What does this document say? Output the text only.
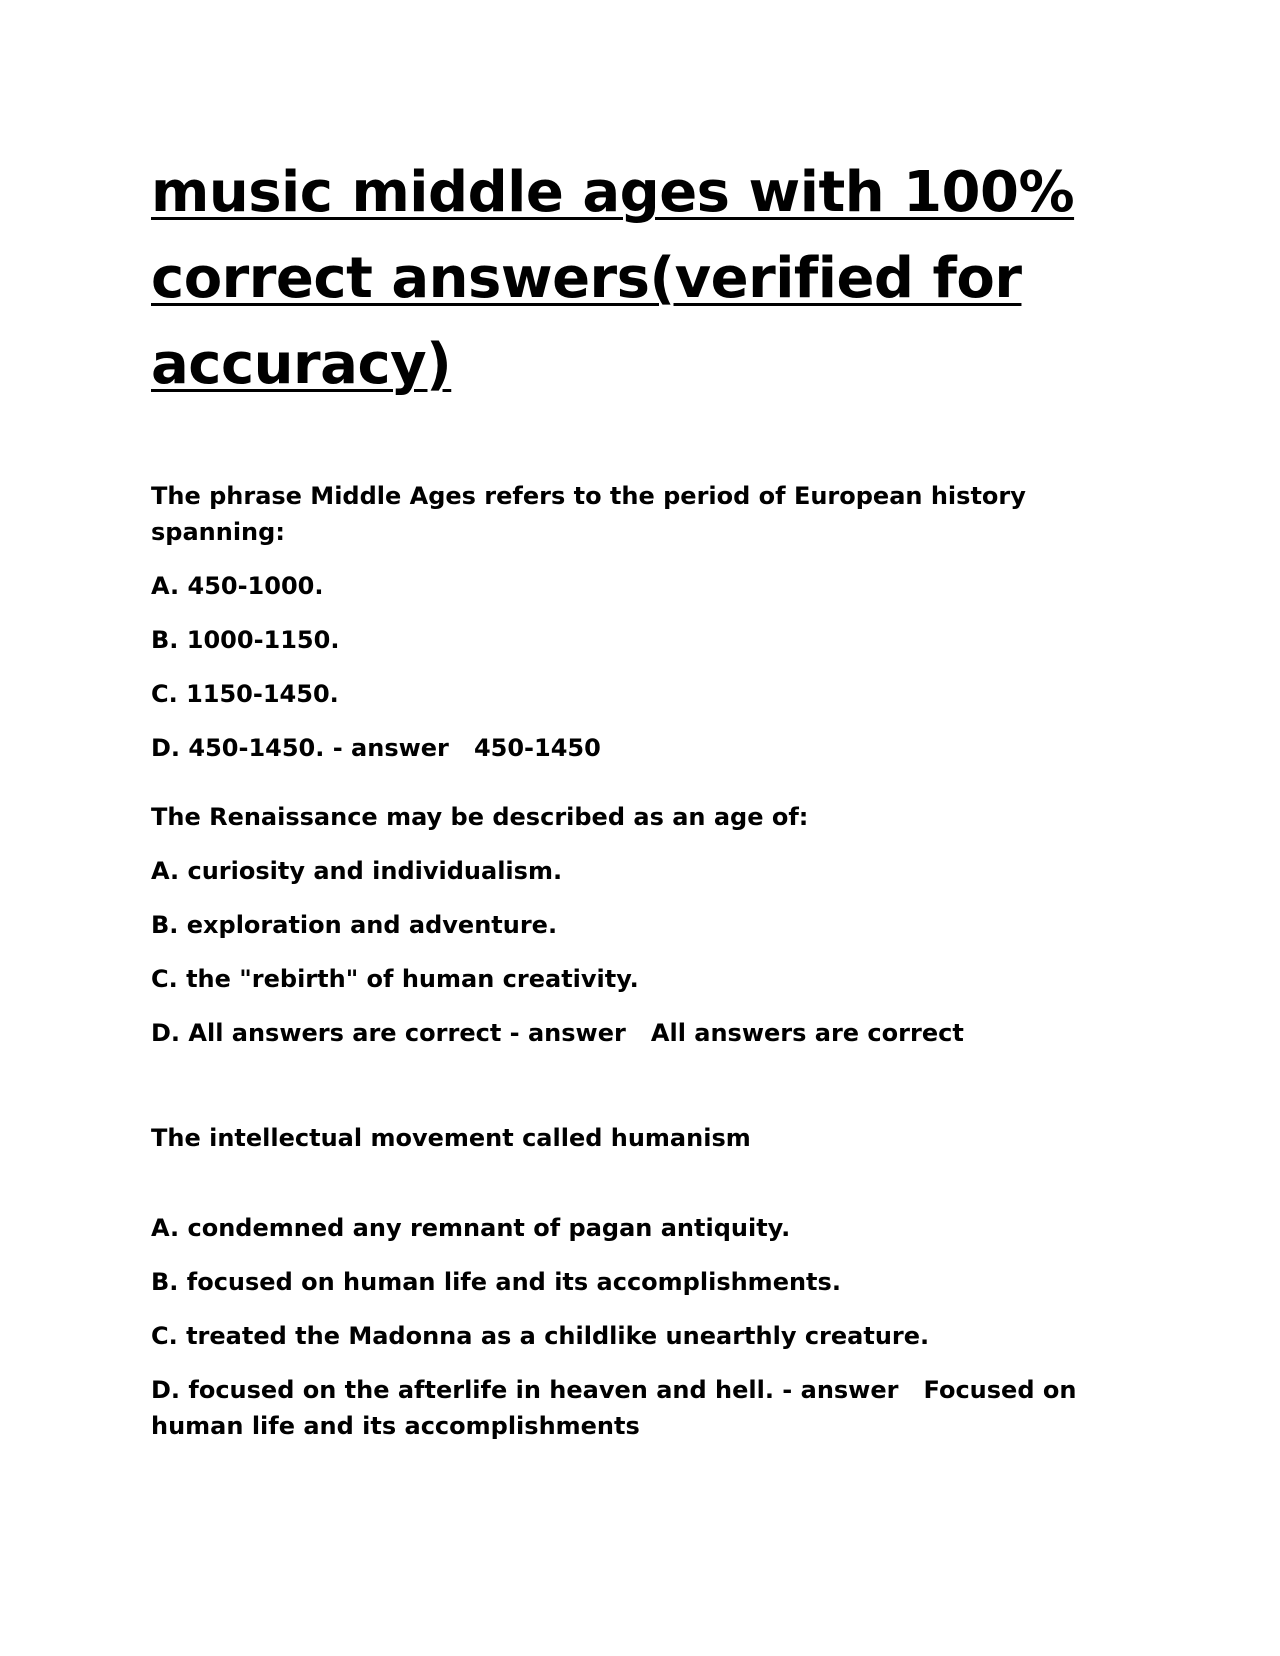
music middle ages with 100% correct answers(verified for accuracy)

The phrase Middle Ages refers to the period of European history spanning:

A. 450-1000.

B. 1000-1150.

C. 1150-1450.

D. 450-1450. - answer   450-1450

The Renaissance may be described as an age of:

A. curiosity and individualism.

B. exploration and adventure.

C. the "rebirth" of human creativity.

D. All answers are correct - answer   All answers are correct

The intellectual movement called humanism

A. condemned any remnant of pagan antiquity.

B. focused on human life and its accomplishments.

C. treated the Madonna as a childlike unearthly creature.

D. focused on the afterlife in heaven and hell. - answer   Focused on human life and its accomplishments
